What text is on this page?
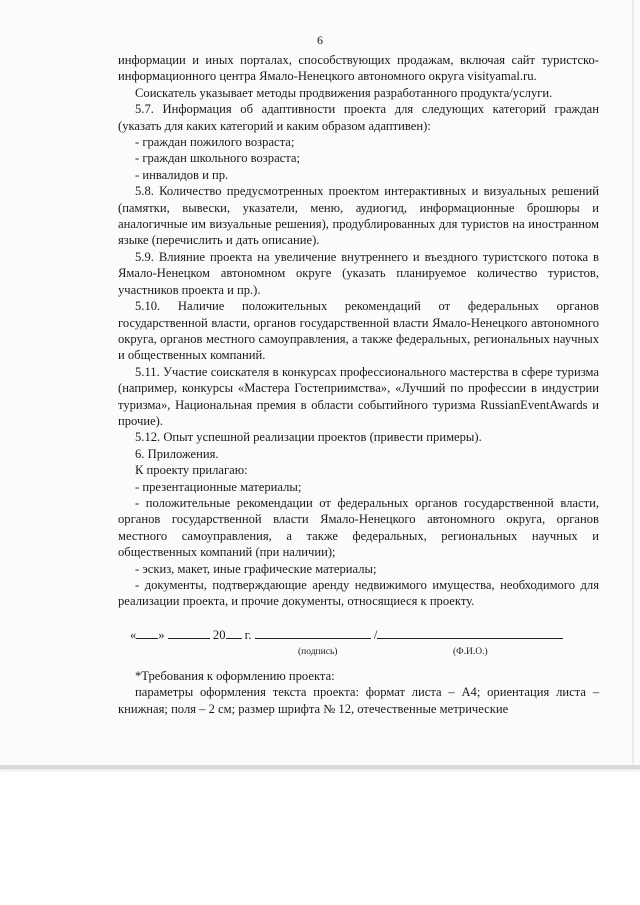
6

информации и иных порталах, способствующих продажам, включая сайт туристско-информационного центра Ямало-Ненецкого автономного округа visityamal.ru.

Соискатель указывает методы продвижения разработанного продукта/услуги.

5.7. Информация об адаптивности проекта для следующих категорий граждан (указать для каких категорий и каким образом адаптивен):

- граждан пожилого возраста;

- граждан школьного возраста;

- инвалидов и пр.

5.8. Количество предусмотренных проектом интерактивных и визуальных решений (памятки, вывески, указатели, меню, аудиогид, информационные брошюры и аналогичные им визуальные решения), продублированных для туристов на иностранном языке (перечислить и дать описание).

5.9. Влияние проекта на увеличение внутреннего и въездного туристского потока в Ямало-Ненецком автономном округе (указать планируемое количество туристов, участников проекта и пр.).

5.10. Наличие положительных рекомендаций от федеральных органов государственной власти, органов государственной власти Ямало-Ненецкого автономного округа, органов местного самоуправления, а также федеральных, региональных научных и общественных компаний.

5.11. Участие соискателя в конкурсах профессионального мастерства в сфере туризма (например, конкурсы «Мастера Гостеприимства», «Лучший по профессии в индустрии туризма», Национальная премия в области событийного туризма RussianEventAwards и прочие).

5.12. Опыт успешной реализации проектов (привести примеры).

6. Приложения.

К проекту прилагаю:

- презентационные материалы;

- положительные рекомендации от федеральных органов государственной власти, органов государственной власти Ямало-Ненецкого автономного округа, органов местного самоуправления, а также федеральных, региональных научных и общественных компаний (при наличии);

- эскиз, макет, иные графические материалы;

- документы, подтверждающие аренду недвижимого имущества, необходимого для реализации проекта, и прочие документы, относящиеся к проекту.

« »	20 г.	/
(подпись)	(Ф.И.О.)

*Требования к оформлению проекта:

параметры оформления текста проекта: формат листа – А4; ориентация листа – книжная; поля – 2 см; размер шрифта № 12, отечественные метрические
